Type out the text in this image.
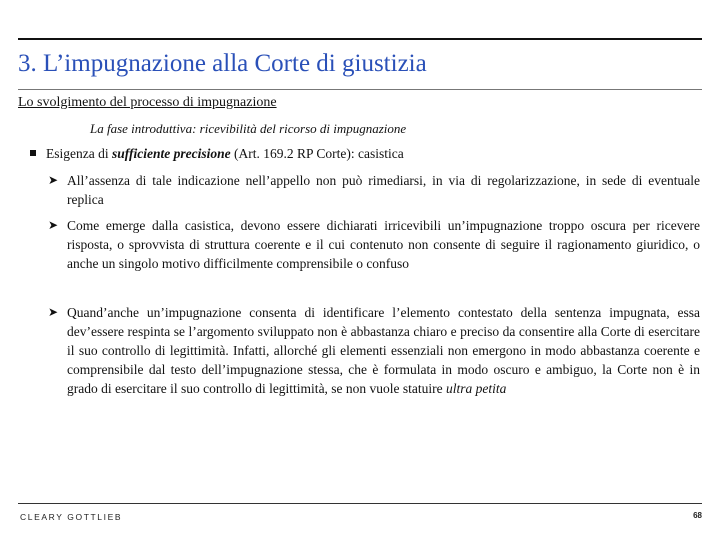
3. L’impugnazione alla Corte di giustizia
Lo svolgimento del processo di impugnazione
La fase introduttiva: ricevibilità del ricorso di impugnazione
Esigenza di sufficiente precisione (Art. 169.2 RP Corte): casistica
➤ All’assenza di tale indicazione nell’appello non può rimediarsi, in via di regolarizzazione, in sede di eventuale replica
➤ Come emerge dalla casistica, devono essere dichiarati irricevibili un’impugnazione troppo oscura per ricevere risposta, o sprovvista di struttura coerente e il cui contenuto non consente di seguire il ragionamento giuridico, o anche un singolo motivo difficilmente comprensibile o confuso
➤ Quand’anche un’impugnazione consenta di identificare l’elemento contestato della sentenza impugnata, essa dev’essere respinta se l’argomento sviluppato non è abbastanza chiaro e preciso da consentire alla Corte di esercitare il suo controllo di legittimità. Infatti, allorché gli elementi essenziali non emergono in modo abbastanza coerente e comprensibile dal testo dell’impugnazione stessa, che è formulata in modo oscuro e ambiguo, la Corte non è in grado di esercitare il suo controllo di legittimità, se non vuole statuire ultra petita
CLEARY GOTTLIEB	68
